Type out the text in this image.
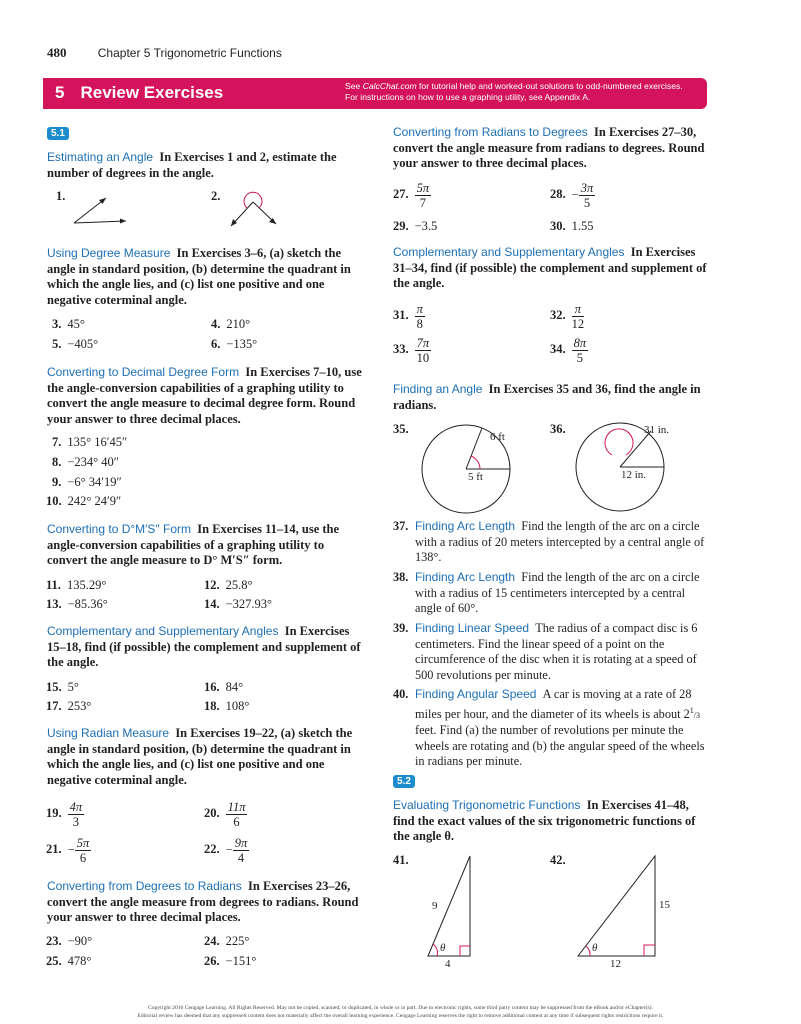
480	Chapter 5 Trigonometric Functions
5 Review Exercises	See CalcChat.com for tutorial help and worked-out solutions to odd-numbered exercises.
For instructions on how to use a graphing utility, see Appendix A.
5.1
Estimating an Angle In Exercises 1 and 2, estimate the number of degrees in the angle.
1.	2.
Using Degree Measure In Exercises 3–6, (a) sketch the angle in standard position, (b) determine the quadrant in which the angle lies, and (c) list one positive and one negative coterminal angle.
3. 45°	4. 210°
5. −405°	6. −135°
Converting to Decimal Degree Form In Exercises 7–10, use the angle-conversion capabilities of a graphing utility to convert the angle measure to decimal degree form. Round your answer to three decimal places.
7. 135° 16′45″
8. −234° 40″
9. −6° 34′19″
10. 242° 24′9″
Converting to D°M′S″ Form In Exercises 11–14, use the angle-conversion capabilities of a graphing utility to convert the angle measure to D° M′S″ form.
11. 135.29°	12. 25.8°
13. −85.36°	14. −327.93°
Complementary and Supplementary Angles In Exercises 15–18, find (if possible) the complement and supplement of the angle.
15. 5°	16. 84°
17. 253°	18. 108°
Using Radian Measure In Exercises 19–22, (a) sketch the angle in standard position, (b) determine the quadrant in which the angle lies, and (c) list one positive and one negative coterminal angle.
19. $\frac{4\pi}{3}$	20. $\frac{11\pi}{6}$
21. − $\frac{5\pi}{6}$	22. − $\frac{9\pi}{4}$
Converting from Degrees to Radians In Exercises 23–26, convert the angle measure from degrees to radians. Round your answer to three decimal places.
23. −90°	24. 225°
25. 478°	26. −151°
Converting from Radians to Degrees In Exercises 27–30, convert the angle measure from radians to degrees. Round your answer to three decimal places.
27. $\frac{5\pi}{7}$	28. − $\frac{3\pi}{5}$
29. −3.5	30. 1.55
Complementary and Supplementary Angles In Exercises 31–34, find (if possible) the complement and supplement of the angle.
31. $\frac{\pi}{8}$	32. $\frac{\pi}{12}$
33. $\frac{7\pi}{10}$	34. $\frac{8\pi}{5}$
Finding an Angle In Exercises 35 and 36, find the angle in radians.
35.	36.
6 ft
5 ft
31 in.
12 in.
37. Finding Arc Length Find the length of the arc on a circle with a radius of 20 meters intercepted by a central angle of 138°.
38. Finding Arc Length Find the length of the arc on a circle with a radius of 15 centimeters intercepted by a central angle of 60°.
39. Finding Linear Speed The radius of a compact disc is 6 centimeters. Find the linear speed of a point on the circumference of the disc when it is rotating at a speed of 500 revolutions per minute.
40. Finding Angular Speed A car is moving at a rate of 28 miles per hour, and the diameter of its wheels is about $2^1/3$ feet. Find (a) the number of revolutions per minute the wheels are rotating and (b) the angular speed of the wheels in radians per minute.
5.2
Evaluating Trigonometric Functions In Exercises 41–48, find the exact values of the six trigonometric functions of the angle θ.
41.	42.
9
4
θ
15
12
θ
Copyright 2016 Cengage Learning. All Rights Reserved. May not be copied, scanned, or duplicated, in whole or in part. Due to electronic rights, some third party content may be suppressed from the eBook and/or eChapter(s).
Editorial review has deemed that any suppressed content does not materially affect the overall learning experience. Cengage Learning reserves the right to remove additional content at any time if subsequent rights restrictions require it.
